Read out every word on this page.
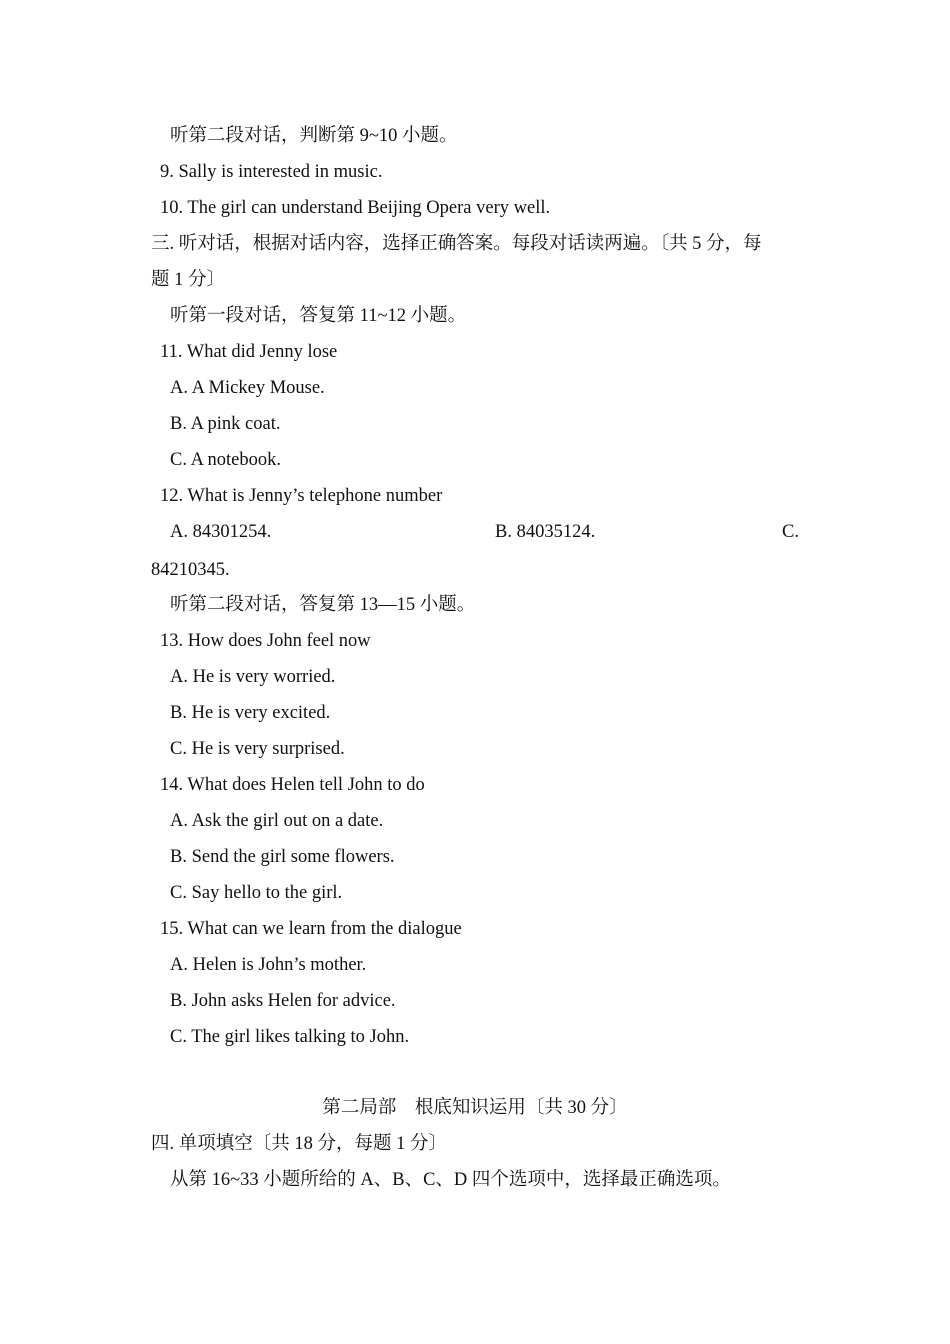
听第二段对话，判断第 9~10 小题。
9. Sally is interested in music.
10. The girl can understand Beijing Opera very well.
三. 听对话，根据对话内容，选择正确答案。每段对话读两遍。〔共 5 分，每
题 1 分〕
听第一段对话，答复第 11~12 小题。
11. What did Jenny lose
A. A Mickey Mouse.
B. A pink coat.
C. A notebook.
12. What is Jenny’s telephone number
A. 84301254.	B. 84035124.	C.
84210345.
听第二段对话，答复第 13—15 小题。
13. How does John feel now
A. He is very worried.
B. He is very excited.
C. He is very surprised.
14. What does Helen tell John to do
A. Ask the girl out on a date.
B. Send the girl some flowers.
C. Say hello to the girl.
15. What can we learn from the dialogue
A. Helen is John’s mother.
B. John asks Helen for advice.
C. The girl likes talking to John.
第二局部　根底知识运用〔共 30 分〕
四. 单项填空〔共 18 分，每题 1 分〕
从第 16~33 小题所给的 A、B、C、D 四个选项中，选择最正确选项。
